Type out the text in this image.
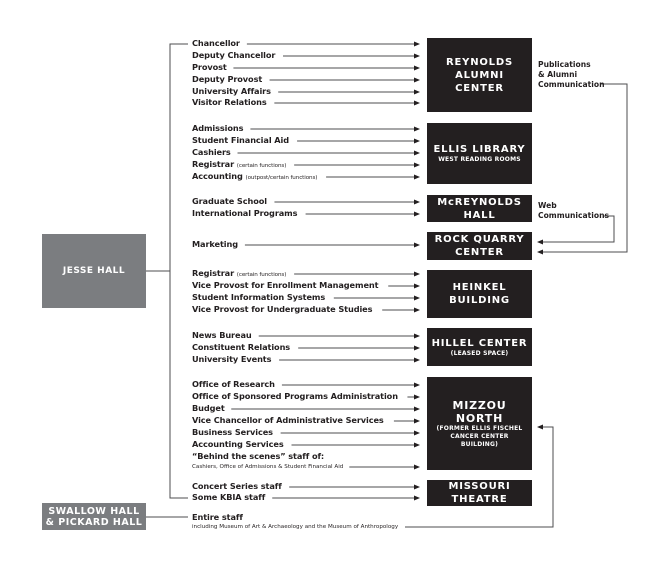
JESSE HALL
SWALLOW HALL
& PICKARD HALL
Chancellor
Deputy Chancellor
Provost
Deputy Provost
University Affairs
Visitor Relations
Admissions
Student Financial Aid
Cashiers
Registrar (certain functions)
Accounting (outpost/certain functions)
Graduate School
International Programs
Marketing
Registrar (certain functions)
Vice Provost for Enrollment Management
Student Information Systems
Vice Provost for Undergraduate Studies
News Bureau
Constituent Relations
University Events
Office of Research
Office of Sponsored Programs Administration
Budget
Vice Chancellor of Administrative Services
Business Services
Accounting Services
“Behind the scenes” staff of:
Cashiers, Office of Admissions & Student Financial Aid
Concert Series staff
Some KBIA staff
REYNOLDS
ALUMNI
CENTER
ELLIS LIBRARY
WEST READING ROOMS
McREYNOLDS
HALL
ROCK QUARRY
CENTER
HEINKEL
BUILDING
HILLEL CENTER
(LEASED SPACE)
MIZZOU NORTH
(FORMER ELLIS FISCHEL CANCER CENTER BUILDING)
MISSOURI
THEATRE
Publications
& Alumni
Communication
Web
Communications
Entire staff
including Museum of Art & Archaeology and the Museum of Anthropology
